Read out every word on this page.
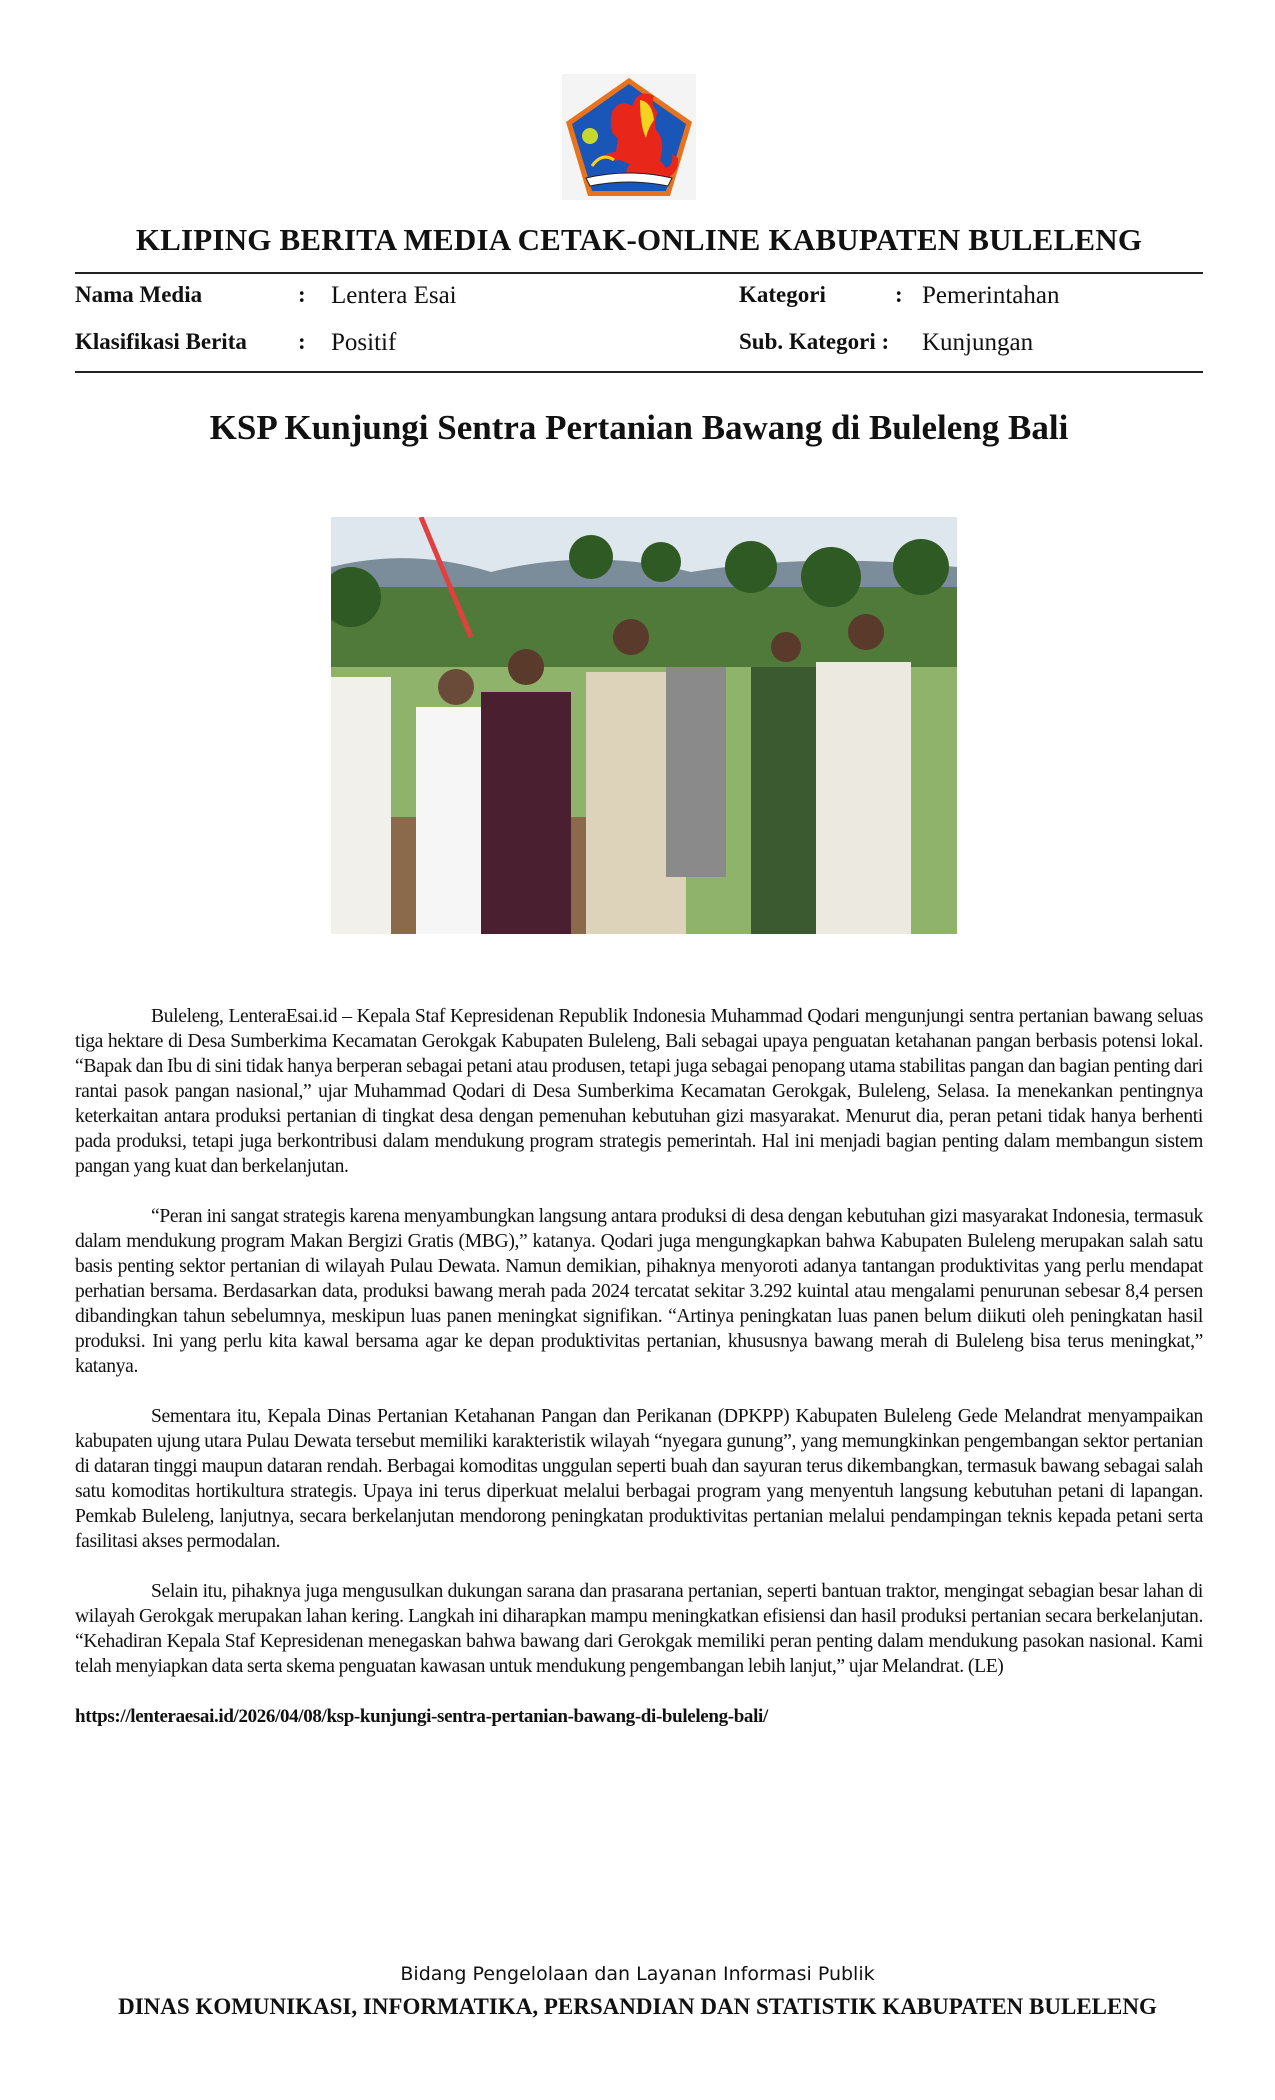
KLIPING BERITA MEDIA CETAK-ONLINE KABUPATEN BULELENG
Nama Media	: Lentera Esai
Klasifikasi Berita : Positif
Kategori	: Pemerintahan
Sub. Kategori : Kunjungan
KSP Kunjungi Sentra Pertanian Bawang di Buleleng Bali

Buleleng, LenteraEsai.id – Kepala Staf Kepresidenan Republik Indonesia Muhammad Qodari mengunjungi sentra pertanian bawang seluas tiga hektare di Desa Sumberkima Kecamatan Gerokgak Kabupaten Buleleng, Bali sebagai upaya penguatan ketahanan pangan berbasis potensi lokal. “Bapak dan Ibu di sini tidak hanya berperan sebagai petani atau produsen, tetapi juga sebagai penopang utama stabilitas pangan dan bagian penting dari rantai pasok pangan nasional,” ujar Muhammad Qodari di Desa Sumberkima Kecamatan Gerokgak, Buleleng, Selasa. Ia menekankan pentingnya keterkaitan antara produksi pertanian di tingkat desa dengan pemenuhan kebutuhan gizi masyarakat. Menurut dia, peran petani tidak hanya berhenti pada produksi, tetapi juga berkontribusi dalam mendukung program strategis pemerintah. Hal ini menjadi bagian penting dalam membangun sistem pangan yang kuat dan berkelanjutan.

“Peran ini sangat strategis karena menyambungkan langsung antara produksi di desa dengan kebutuhan gizi masyarakat Indonesia, termasuk dalam mendukung program Makan Bergizi Gratis (MBG),” katanya. Qodari juga mengungkapkan bahwa Kabupaten Buleleng merupakan salah satu basis penting sektor pertanian di wilayah Pulau Dewata. Namun demikian, pihaknya menyoroti adanya tantangan produktivitas yang perlu mendapat perhatian bersama. Berdasarkan data, produksi bawang merah pada 2024 tercatat sekitar 3.292 kuintal atau mengalami penurunan sebesar 8,4 persen dibandingkan tahun sebelumnya, meskipun luas panen meningkat signifikan. “Artinya peningkatan luas panen belum diikuti oleh peningkatan hasil produksi. Ini yang perlu kita kawal bersama agar ke depan produktivitas pertanian, khususnya bawang merah di Buleleng bisa terus meningkat,” katanya.

Sementara itu, Kepala Dinas Pertanian Ketahanan Pangan dan Perikanan (DPKPP) Kabupaten Buleleng Gede Melandrat menyampaikan kabupaten ujung utara Pulau Dewata tersebut memiliki karakteristik wilayah “nyegara gunung”, yang memungkinkan pengembangan sektor pertanian di dataran tinggi maupun dataran rendah. Berbagai komoditas unggulan seperti buah dan sayuran terus dikembangkan, termasuk bawang sebagai salah satu komoditas hortikultura strategis. Upaya ini terus diperkuat melalui berbagai program yang menyentuh langsung kebutuhan petani di lapangan. Pemkab Buleleng, lanjutnya, secara berkelanjutan mendorong peningkatan produktivitas pertanian melalui pendampingan teknis kepada petani serta fasilitasi akses permodalan.

Selain itu, pihaknya juga mengusulkan dukungan sarana dan prasarana pertanian, seperti bantuan traktor, mengingat sebagian besar lahan di wilayah Gerokgak merupakan lahan kering. Langkah ini diharapkan mampu meningkatkan efisiensi dan hasil produksi pertanian secara berkelanjutan. “Kehadiran Kepala Staf Kepresidenan menegaskan bahwa bawang dari Gerokgak memiliki peran penting dalam mendukung pasokan nasional. Kami telah menyiapkan data serta skema penguatan kawasan untuk mendukung pengembangan lebih lanjut,” ujar Melandrat. (LE)

https://lenteraesai.id/2026/04/08/ksp-kunjungi-sentra-pertanian-bawang-di-buleleng-bali/
Bidang Pengelolaan dan Layanan Informasi Publik
DINAS KOMUNIKASI, INFORMATIKA, PERSANDIAN DAN STATISTIK KABUPATEN BULELENG
